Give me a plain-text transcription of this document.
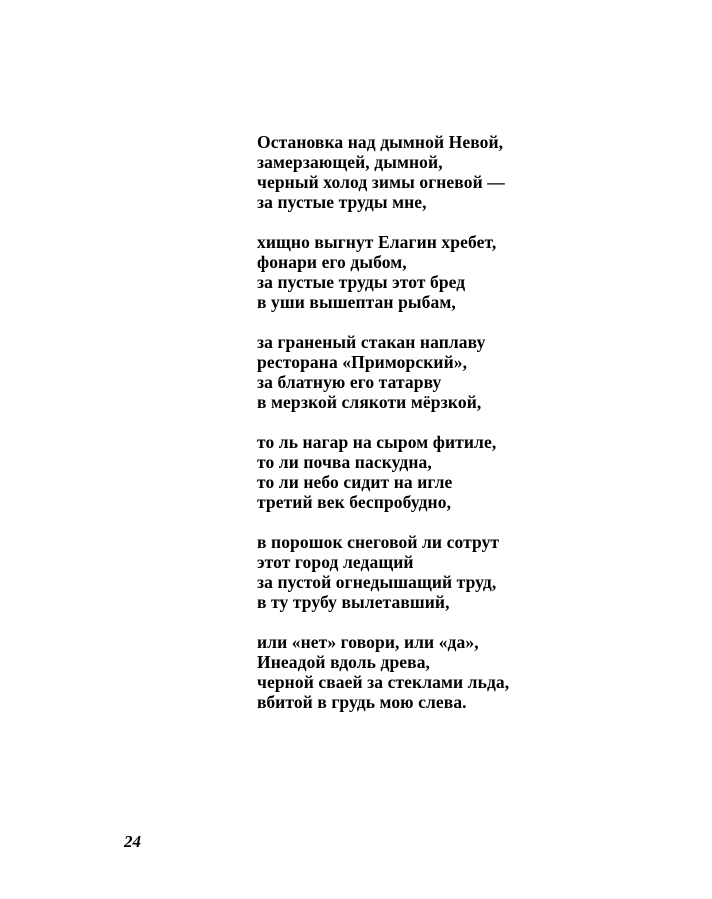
Остановка над дымной Невой,
замерзающей, дымной,
черный холод зимы огневой —
за пустые труды мне,
хищно выгнут Елагин хребет,
фонари его дыбом,
за пустые труды этот бред
в уши вышептан рыбам,
за граненый стакан наплаву
ресторана «Приморский»,
за блатную его татарву
в мерзкой слякоти мёрзкой,
то ль нагар на сыром фитиле,
то ли почва паскудна,
то ли небо сидит на игле
третий век беспробудно,
в порошок снеговой ли сотрут
этот город ледащий
за пустой огнедышащий труд,
в ту трубу вылетавший,
или «нет» говори, или «да»,
Инеадой вдоль древа,
черной сваей за стеклами льда,
вбитой в грудь мою слева.
24
